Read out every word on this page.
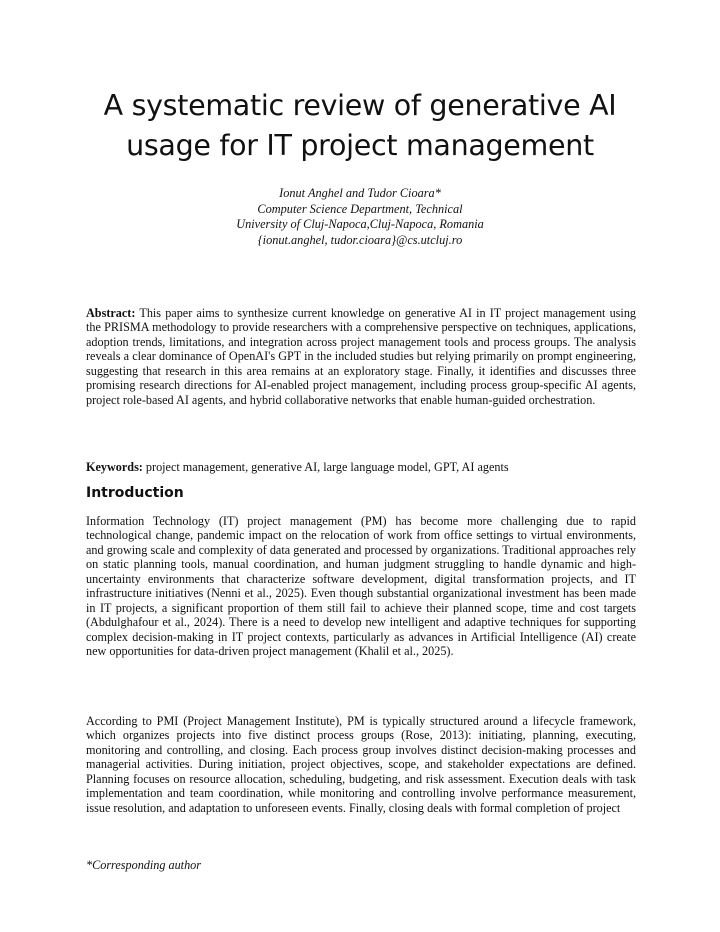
A systematic review of generative AI usage for IT project management
Ionut Anghel and Tudor Cioara*
Computer Science Department, Technical
University of Cluj-Napoca,Cluj-Napoca, Romania
{ionut.anghel, tudor.cioara}@cs.utcluj.ro

Abstract: This paper aims to synthesize current knowledge on generative AI in IT project management using the PRISMA methodology to provide researchers with a comprehensive perspective on techniques, applications, adoption trends, limitations, and integration across project management tools and process groups. The analysis reveals a clear dominance of OpenAI's GPT in the included studies but relying primarily on prompt engineering, suggesting that research in this area remains at an exploratory stage. Finally, it identifies and discusses three promising research directions for AI-enabled project management, including process group-specific AI agents, project role-based AI agents, and hybrid collaborative networks that enable human-guided orchestration.

Keywords: project management, generative AI, large language model, GPT, AI agents

Introduction

Information Technology (IT) project management (PM) has become more challenging due to rapid technological change, pandemic impact on the relocation of work from office settings to virtual environments, and growing scale and complexity of data generated and processed by organizations. Traditional approaches rely on static planning tools, manual coordination, and human judgment struggling to handle dynamic and high-uncertainty environments that characterize software development, digital transformation projects, and IT infrastructure initiatives (Nenni et al., 2025). Even though substantial organizational investment has been made in IT projects, a significant proportion of them still fail to achieve their planned scope, time and cost targets (Abdulghafour et al., 2024). There is a need to develop new intelligent and adaptive techniques for supporting complex decision-making in IT project contexts, particularly as advances in Artificial Intelligence (AI) create new opportunities for data-driven project management (Khalil et al., 2025).

According to PMI (Project Management Institute), PM is typically structured around a lifecycle framework, which organizes projects into five distinct process groups (Rose, 2013): initiating, planning, executing, monitoring and controlling, and closing. Each process group involves distinct decision-making processes and managerial activities. During initiation, project objectives, scope, and stakeholder expectations are defined. Planning focuses on resource allocation, scheduling, budgeting, and risk assessment. Execution deals with task implementation and team coordination, while monitoring and controlling involve performance measurement, issue resolution, and adaptation to unforeseen events. Finally, closing deals with formal completion of project

*Corresponding author
